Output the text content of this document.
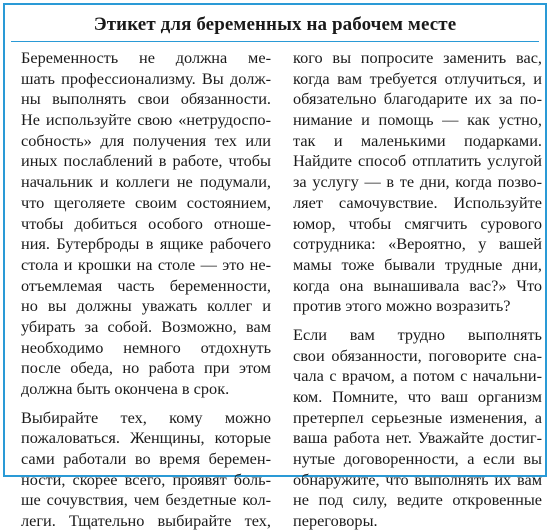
Этикет для беременных на рабочем месте
Беременность не должна ме-
шать профессионализму. Вы долж-
ны выполнять свои обязанности.
Не используйте свою «нетрудоспо-
собность» для получения тех или
иных послаблений в работе, чтобы
начальник и коллеги не подумали,
что щеголяете своим состоянием,
чтобы добиться особого отноше-
ния. Бутерброды в ящике рабочего
стола и крошки на столе — это не-
отъемлемая часть беременности,
но вы должны уважать коллег и
убирать за собой. Возможно, вам
необходимо немного отдохнуть
после обеда, но работа при этом
должна быть окончена в срок.
Выбирайте тех, кому можно
пожаловаться. Женщины, которые
сами работали во время беремен-
ности, скорее всего, проявят боль-
ше сочувствия, чем бездетные кол-
леги. Тщательно выбирайте тех,
кого вы попросите заменить вас,
когда вам требуется отлучиться, и
обязательно благодарите их за по-
нимание и помощь — как устно,
так и маленькими подарками.
Найдите способ отплатить услугой
за услугу — в те дни, когда позво-
ляет самочувствие. Используйте
юмор, чтобы смягчить сурового
сотрудника: «Вероятно, у вашей
мамы тоже бывали трудные дни,
когда она вынашивала вас?» Что
против этого можно возразить?
Если вам трудно выполнять
свои обязанности, поговорите сна-
чала с врачом, а потом с начальни-
ком. Помните, что ваш организм
претерпел серьезные изменения, а
ваша работа нет. Уважайте достиг-
нутые договоренности, а если вы
обнаружите, что выполнять их вам
не под силу, ведите откровенные
переговоры.
